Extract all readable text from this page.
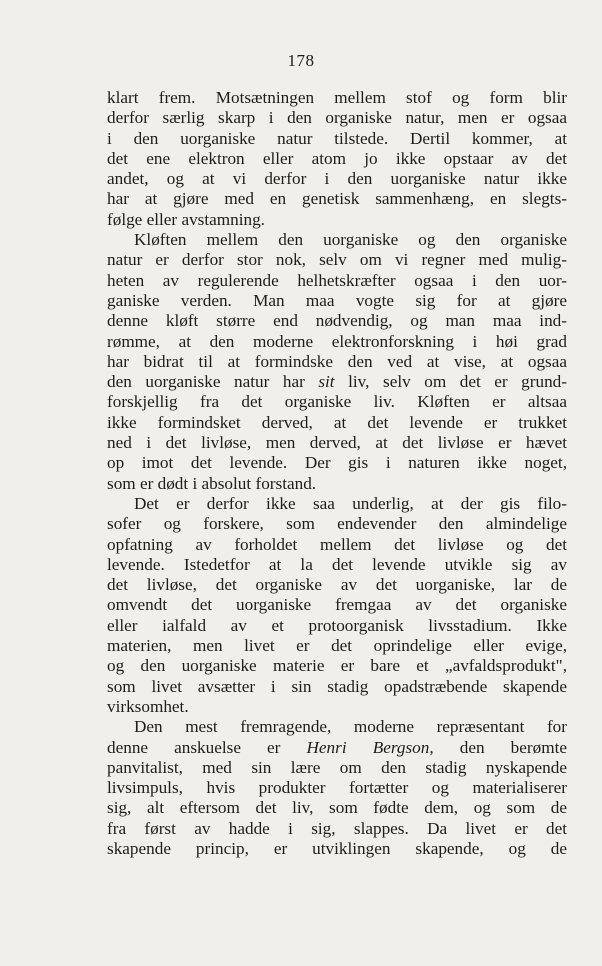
178
klart frem. Motsætningen mellem stof og form blir
derfor særlig skarp i den organiske natur, men er ogsaa
i den uorganiske natur tilstede. Dertil kommer, at
det ene elektron eller atom jo ikke opstaar av det
andet, og at vi derfor i den uorganiske natur ikke
har at gjøre med en genetisk sammenhæng, en slegts-
følge eller avstamning.
Kløften mellem den uorganiske og den organiske
natur er derfor stor nok, selv om vi regner med mulig-
heten av regulerende helhetskræfter ogsaa i den uor-
ganiske verden. Man maa vogte sig for at gjøre
denne kløft større end nødvendig, og man maa ind-
rømme, at den moderne elektronforskning i høi grad
har bidrat til at formindske den ved at vise, at ogsaa
den uorganiske natur har sit liv, selv om det er grund-
forskjellig fra det organiske liv. Kløften er altsaa
ikke formindsket derved, at det levende er trukket
ned i det livløse, men derved, at det livløse er hævet
op imot det levende. Der gis i naturen ikke noget,
som er dødt i absolut forstand.
Det er derfor ikke saa underlig, at der gis filo-
sofer og forskere, som endevender den almindelige
opfatning av forholdet mellem det livløse og det
levende. Istedetfor at la det levende utvikle sig av
det livløse, det organiske av det uorganiske, lar de
omvendt det uorganiske fremgaa av det organiske
eller ialfald av et protoorganisk livsstadium. Ikke
materien, men livet er det oprindelige eller evige,
og den uorganiske materie er bare et „avfaldsprodukt",
som livet avsætter i sin stadig opadstræbende skapende
virksomhet.
Den mest fremragende, moderne repræsentant for
denne anskuelse er Henri Bergson, den berømte
panvitalist, med sin lære om den stadig nyskapende
livsimpuls, hvis produkter fortætter og materialiserer
sig, alt eftersom det liv, som fødte dem, og som de
fra først av hadde i sig, slappes. Da livet er det
skapende princip, er utviklingen skapende, og de
